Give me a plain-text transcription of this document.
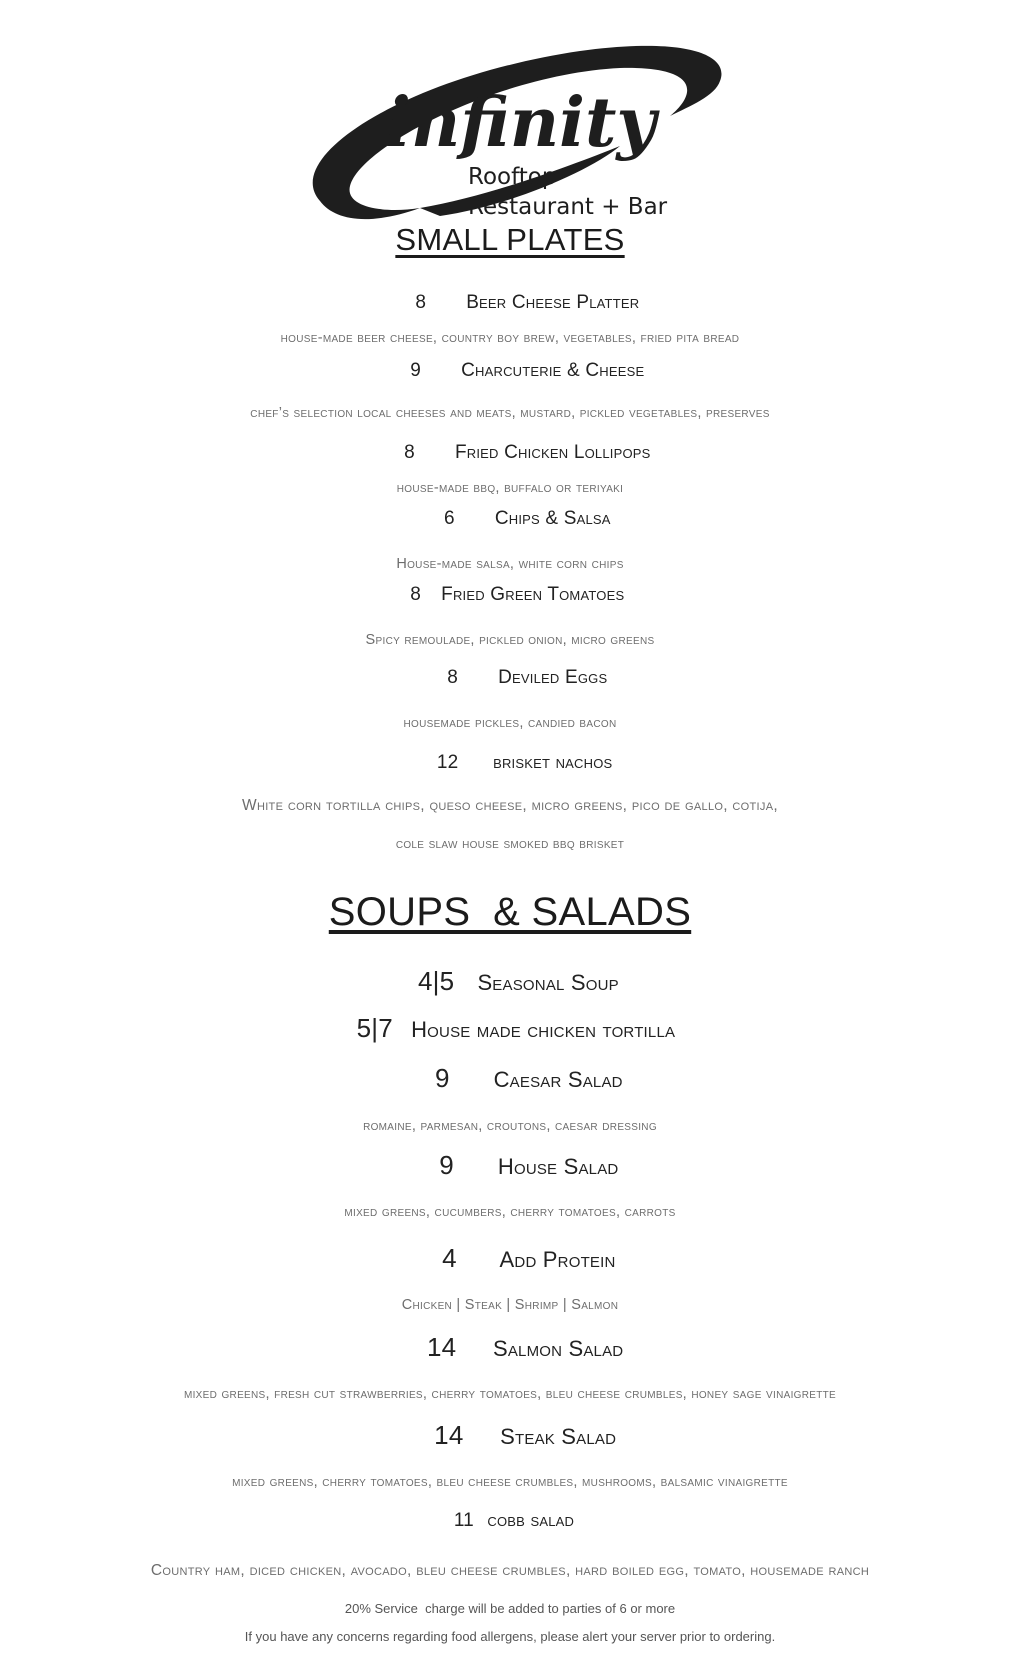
infinity
Rooftop
Restaurant + Bar
SMALL PLATES
8 Beer Cheese Platter
house-made beer cheese, country boy brew, vegetables, fried pita bread
9 Charcuterie & Cheese
chef’s selection local cheeses and meats, mustard, pickled vegetables, preserves
8 Fried Chicken Lollipops
house-made bbq, buffalo or teriyaki
6 Chips & Salsa
House-made salsa, white corn chips
8 Fried Green Tomatoes
Spicy remoulade, pickled onion, micro greens
8 Deviled Eggs
housemade pickles, candied bacon
12 brisket nachos
White corn tortilla chips, queso cheese, micro greens, pico de gallo, cotija,
cole slaw house smoked bbq brisket
SOUPS  & SALADS
4|5 Seasonal Soup
5|7 House made chicken tortilla
9 Caesar Salad
romaine, parmesan, croutons, caesar dressing
9 House Salad
mixed greens, cucumbers, cherry tomatoes, carrots
4 Add Protein
Chicken | Steak | Shrimp | Salmon
14 Salmon Salad
mixed greens, fresh cut strawberries, cherry tomatoes, bleu cheese crumbles, honey sage vinaigrette
14 Steak Salad
mixed greens, cherry tomatoes, bleu cheese crumbles, mushrooms, balsamic vinaigrette
11 cobb salad
Country ham, diced chicken, avocado, bleu cheese crumbles, hard boiled egg, tomato, housemade ranch
20% Service  charge will be added to parties of 6 or more
If you have any concerns regarding food allergens, please alert your server prior to ordering.
